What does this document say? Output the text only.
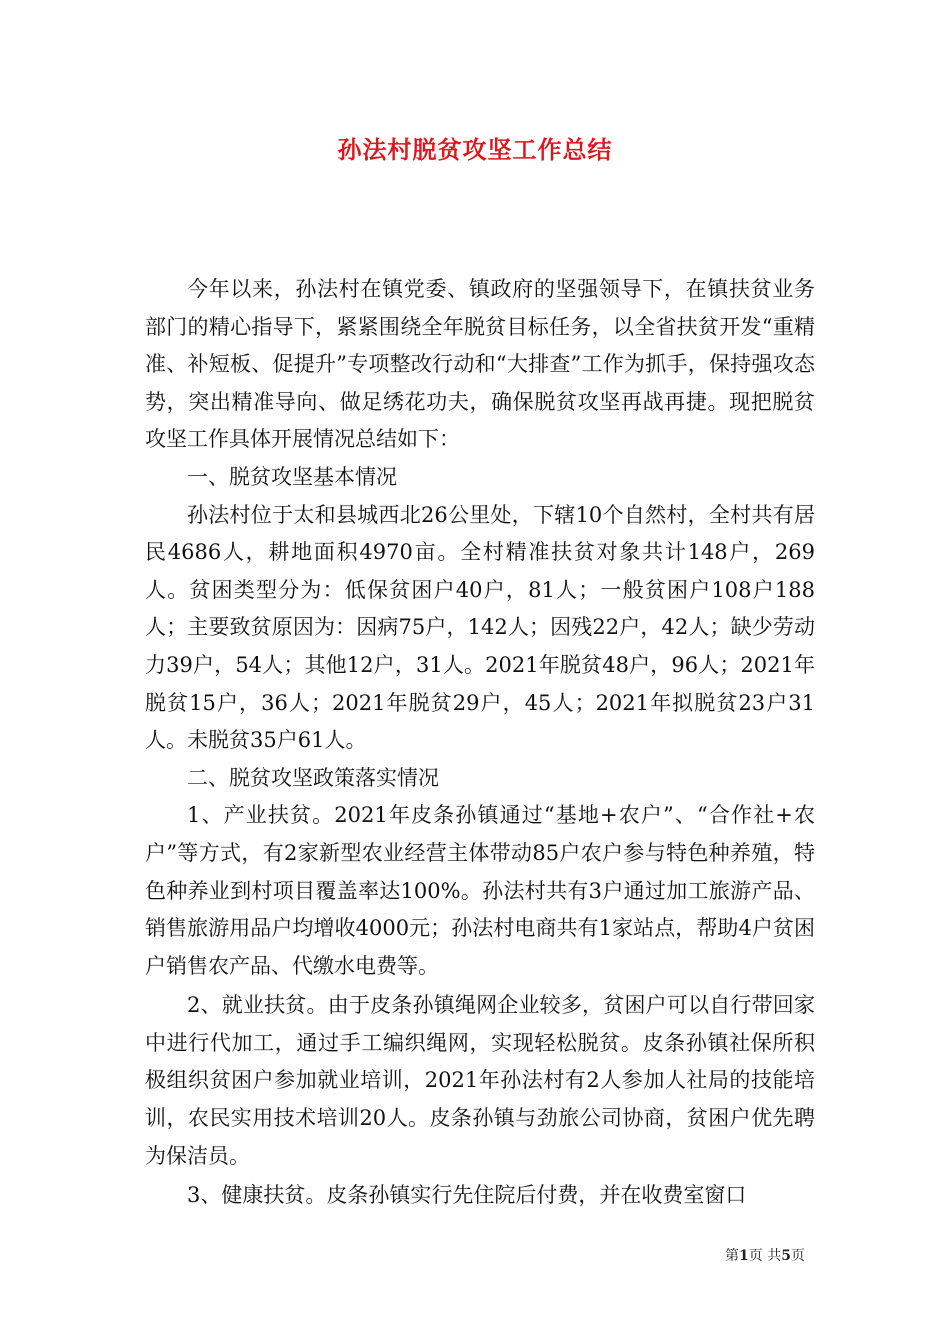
孙法村脱贫攻坚工作总结

今年以来，孙法村在镇党委、镇政府的坚强领导下，在镇扶贫业务部门的精心指导下，紧紧围绕全年脱贫目标任务，以全省扶贫开发“重精准、补短板、促提升”专项整改行动和“大排查”工作为抓手，保持强攻态势，突出精准导向、做足绣花功夫，确保脱贫攻坚再战再捷。现把脱贫攻坚工作具体开展情况总结如下：

一、脱贫攻坚基本情况

孙法村位于太和县城西北26公里处，下辖10个自然村，全村共有居民4686人，耕地面积4970亩。全村精准扶贫对象共计148户，269人。贫困类型分为：低保贫困户40户，81人；一般贫困户108户188人；主要致贫原因为：因病75户，142人；因残22户，42人；缺少劳动力39户，54人；其他12户，31人。2021年脱贫48户，96人；2021年脱贫15户，36人；2021年脱贫29户，45人；2021年拟脱贫23户31人。未脱贫35户61人。

二、脱贫攻坚政策落实情况

1、产业扶贫。2021年皮条孙镇通过“基地+农户”、“合作社+农户”等方式，有2家新型农业经营主体带动85户农户参与特色种养殖，特色种养业到村项目覆盖率达100%。孙法村共有3户通过加工旅游产品、销售旅游用品户均增收4000元；孙法村电商共有1家站点，帮助4户贫困户销售农产品、代缴水电费等。

2、就业扶贫。由于皮条孙镇绳网企业较多，贫困户可以自行带回家中进行代加工，通过手工编织绳网，实现轻松脱贫。皮条孙镇社保所积极组织贫困户参加就业培训，2021年孙法村有2人参加人社局的技能培训，农民实用技术培训20人。皮条孙镇与劲旅公司协商，贫困户优先聘为保洁员。

3、健康扶贫。皮条孙镇实行先住院后付费，并在收费室窗口

第1页 共5页
